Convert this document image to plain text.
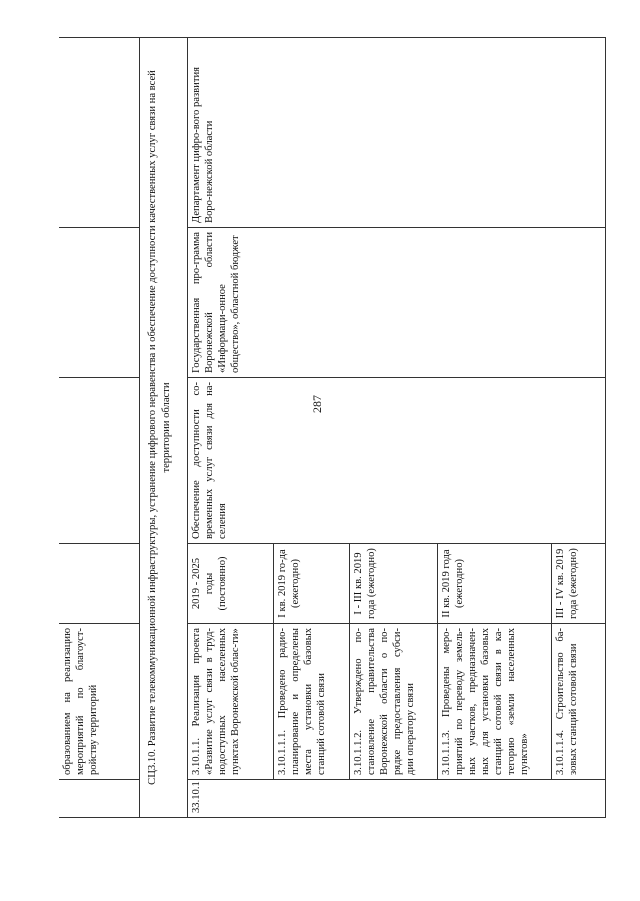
287
	образованием на реализацию мероприятий по благоуст-ройству территорий				
СЦ3.10. Развитие телекоммуникационной инфраструктуры, устранение цифрового неравенства и обеспечение доступности качественных услуг связи на всей территории области					
33.10.1	3.10.1.1. Реализация проекта «Развитие услуг связи в труд-нодоступных населенных пунктах Воронежской облас-ти»	2019 - 2025 годы (постоянно)	Обеспечение доступности со-временных услуг связи для на-селения	Государственная про-грамма Воронежской области «Информаци-онное общество», областной бюджет	Департамент цифро-вого развития Воро-нежской области
	3.10.1.1.1. Проведено радио-планирование и определены места установки базовых станций сотовой связи	I кв. 2019 го-да (ежегодно)			
	3.10.1.1.2. Утверждено по-становление правительства Воронежской области о по-рядке предоставления субси-дии оператору связи	I - III кв. 2019 года (ежегодно)			
	3.10.1.1.3. Проведены меро-приятий по переводу земель-ных участков, предназначен-ных для установки базовых станций сотовой связи в ка-тегорию «земли населенных пунктов»	II кв. 2019 года (ежегодно)			
	3.10.1.1.4. Строительство ба-зовых станций сотовой связи	III - IV кв. 2019 года (ежегодно)			
